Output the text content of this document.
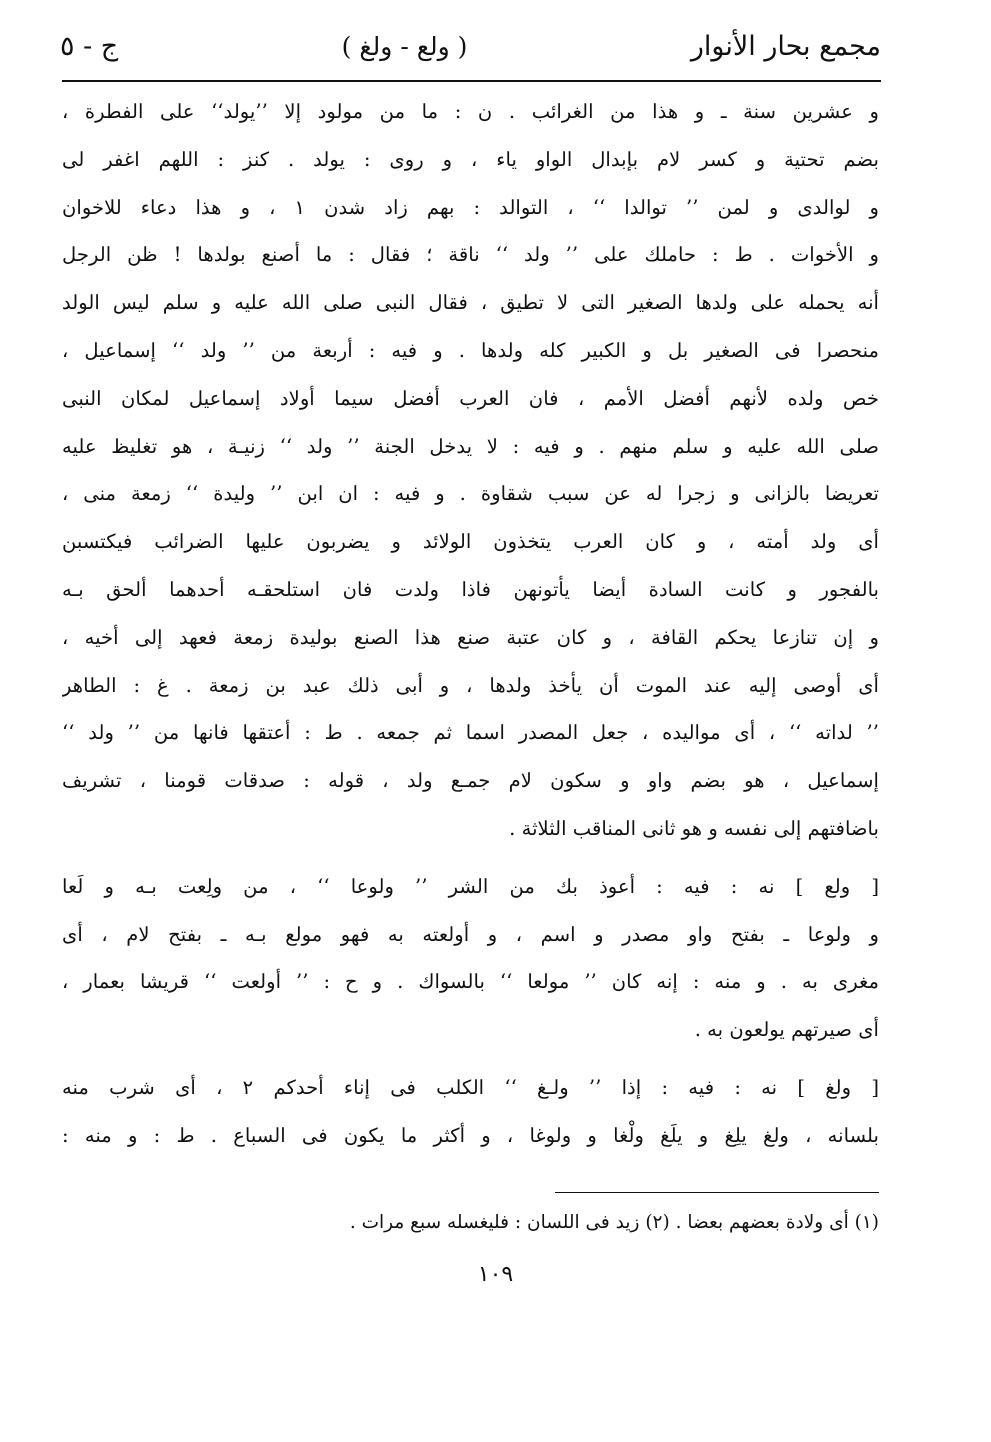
مجمع بحار الأنوار
( ولع - ولغ )
ج - ٥
و عشرين سنة ـ و هذا من الغرائب . ن : ما من مولود إلا ’’يولد‘‘ على الفطرة ،
بضم تحتية و كسر لام بإبدال الواو ياء ، و روى : يولد . كنز : اللهم اغفر لى
و لوالدى و لمن ’’ توالدا ‘‘ ، التوالد : بهم زاد شدن ١ ، و هذا دعاء للاخوان
و الأخوات . ط : حاملك على ’’ ولد ‘‘ ناقة ؛ فقال : ما أصنع بولدها ! ظن الرجل
أنه يحمله على ولدها الصغير التى لا تطيق ، فقال النبى صلى الله عليه و سلم ليس الولد
منحصرا فى الصغير بل و الكبير كله ولدها . و فيه : أربعة من ’’ ولد ‘‘ إسماعيل ،
خص ولده لأنهم أفضل الأمم ، فان العرب أفضل سيما أولاد إسماعيل لمكان النبى
صلى الله عليه و سلم منهم . و فيه : لا يدخل الجنة ’’ ولد ‘‘ زنيـة ، هو تغليظ عليه
تعريضا بالزانى و زجرا له عن سبب شقاوة . و فيه : ان ابن ’’ وليدة ‘‘ زمعة منى ،
أى ولد أمته ، و كان العرب يتخذون الولائد و يضربون عليها الضرائب فيكتسبن
بالفجور و كانت السادة أيضا يأتونهن فاذا ولدت فان استلحقـه أحدهما ألحق بـه
و إن تنازعا يحكم القافة ، و كان عتبة صنع هذا الصنع بوليدة زمعة فعهد إلى أخيه ،
أى أوصى إليه عند الموت أن يأخذ ولدها ، و أبى ذلك عبد بن زمعة . غ : الطاهر
’’ لداته ‘‘ ، أى مواليده ، جعل المصدر اسما ثم جمعه . ط : أعتقها فانها من ’’ ولد ‘‘
إسماعيل ، هو بضم واو و سكون لام جمـع ولد ، قوله : صدقات قومنا ، تشريف
باضافتهم إلى نفسه و هو ثانى المناقب الثلاثة .
[ ولع ] نه : فيه : أعوذ بك من الشر ’’ ولوعا ‘‘ ، من ولِعت بـه و لَعا
و ولوعا ـ بفتح واو مصدر و اسم ، و أولعته به فهو مولع بـه ـ بفتح لام ، أى
مغرى به . و منه : إنه كان ’’ مولعا ‘‘ بالسواك . و ح : ’’ أولعت ‘‘ قريشا بعمار ،
أى صيرتهم يولعون به .
[ ولغ ] نه : فيه : إذا ’’ ولـغ ‘‘ الكلب فى إناء أحدكم ٢ ، أى شرب منه
بلسانه ، ولغ يلِغ و يلَغ ولْغا و ولوغا ، و أكثر ما يكون فى السباع . ط : و منه :
(١) أى ولادة بعضهم بعضا . (٢) زيد فى اللسان : فليغسله سبع مرات .
١٠٩
